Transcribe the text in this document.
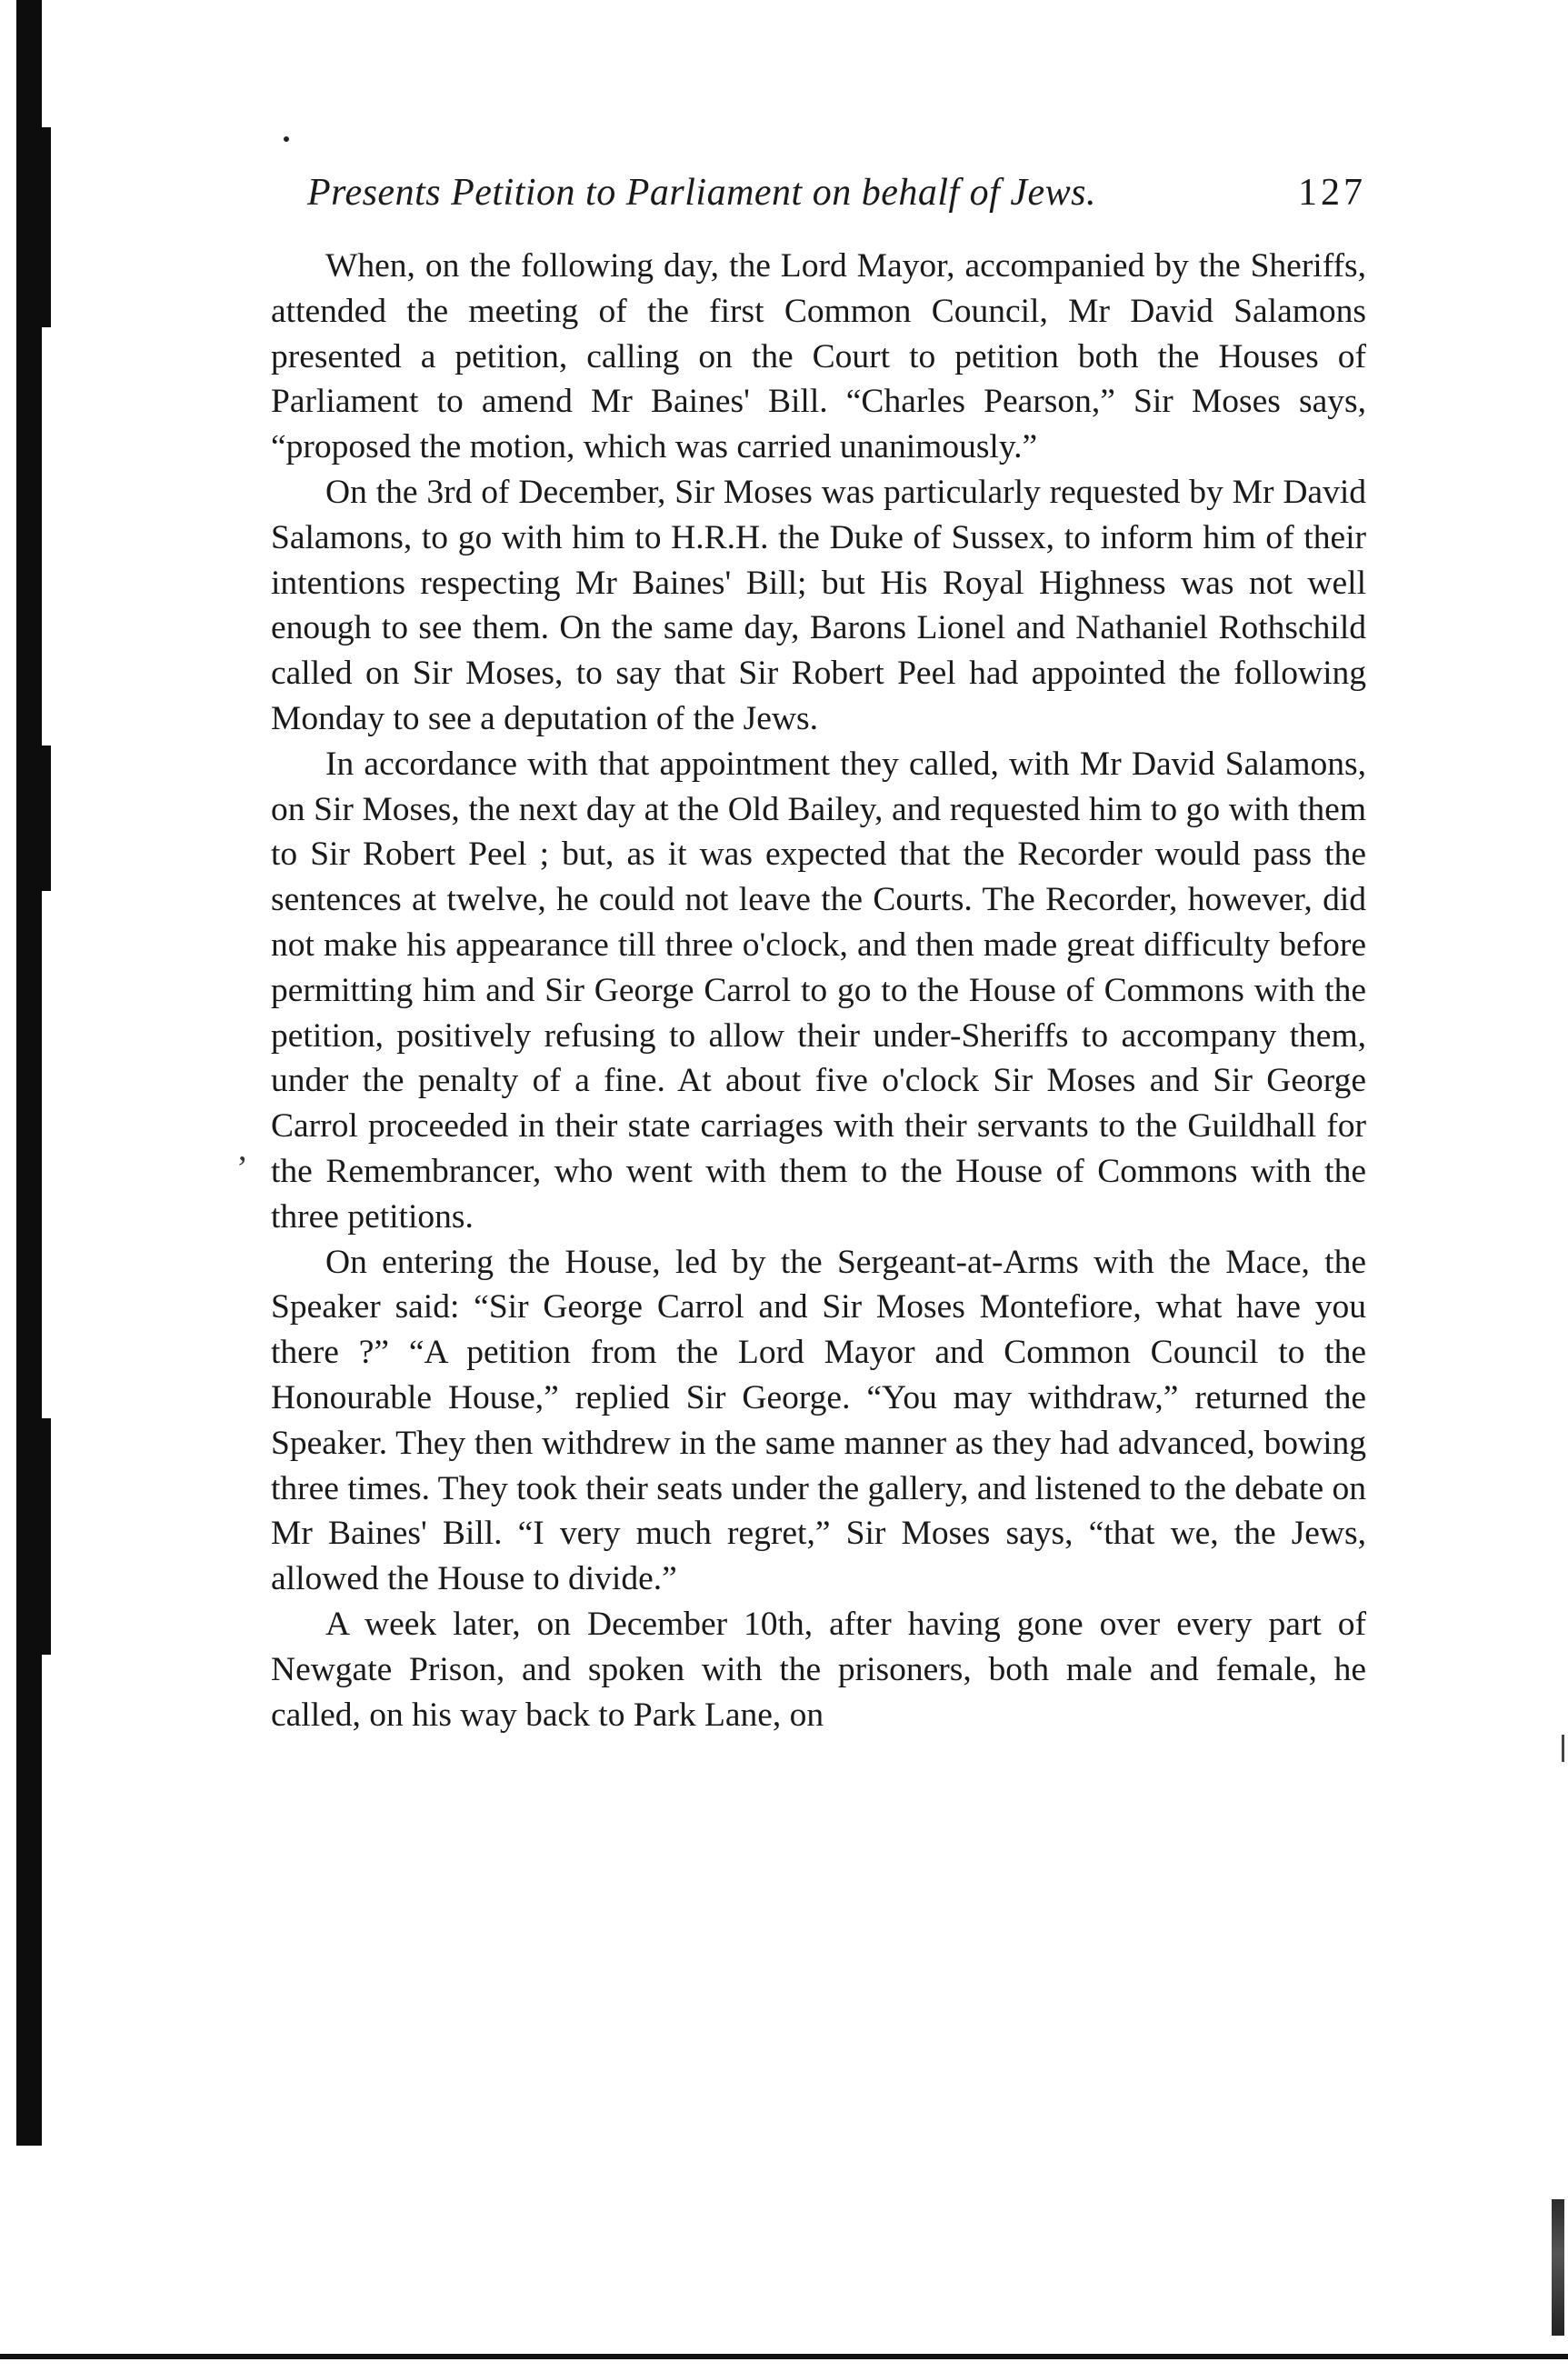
,
Presents Petition to Parliament on behalf of Jews.	127

When, on the following day, the Lord Mayor, accompanied by the Sheriffs, attended the meeting of the first Common Council, Mr David Salamons presented a petition, calling on the Court to petition both the Houses of Parliament to amend Mr Baines' Bill. “Charles Pearson,” Sir Moses says, “proposed the motion, which was carried unanimously.”

On the 3rd of December, Sir Moses was particularly requested by Mr David Salamons, to go with him to H.R.H. the Duke of Sussex, to inform him of their intentions respecting Mr Baines' Bill; but His Royal Highness was not well enough to see them. On the same day, Barons Lionel and Nathaniel Rothschild called on Sir Moses, to say that Sir Robert Peel had appointed the following Monday to see a deputation of the Jews.

In accordance with that appointment they called, with Mr David Salamons, on Sir Moses, the next day at the Old Bailey, and requested him to go with them to Sir Robert Peel ; but, as it was expected that the Recorder would pass the sentences at twelve, he could not leave the Courts. The Recorder, however, did not make his appearance till three o'clock, and then made great difficulty before permitting him and Sir George Carrol to go to the House of Commons with the petition, positively refusing to allow their under-Sheriffs to accompany them, under the penalty of a fine. At about five o'clock Sir Moses and Sir George Carrol proceeded in their state carriages with their servants to the Guildhall for the Remembrancer, who went with them to the House of Commons with the three petitions.

On entering the House, led by the Sergeant-at-Arms with the Mace, the Speaker said: “Sir George Carrol and Sir Moses Montefiore, what have you there ?” “A petition from the Lord Mayor and Common Council to the Honourable House,” replied Sir George. “You may withdraw,” returned the Speaker. They then withdrew in the same manner as they had advanced, bowing three times. They took their seats under the gallery, and listened to the debate on Mr Baines' Bill. “I very much regret,” Sir Moses says, “that we, the Jews, allowed the House to divide.”

A week later, on December 10th, after having gone over every part of Newgate Prison, and spoken with the prisoners, both male and female, he called, on his way back to Park Lane, on
